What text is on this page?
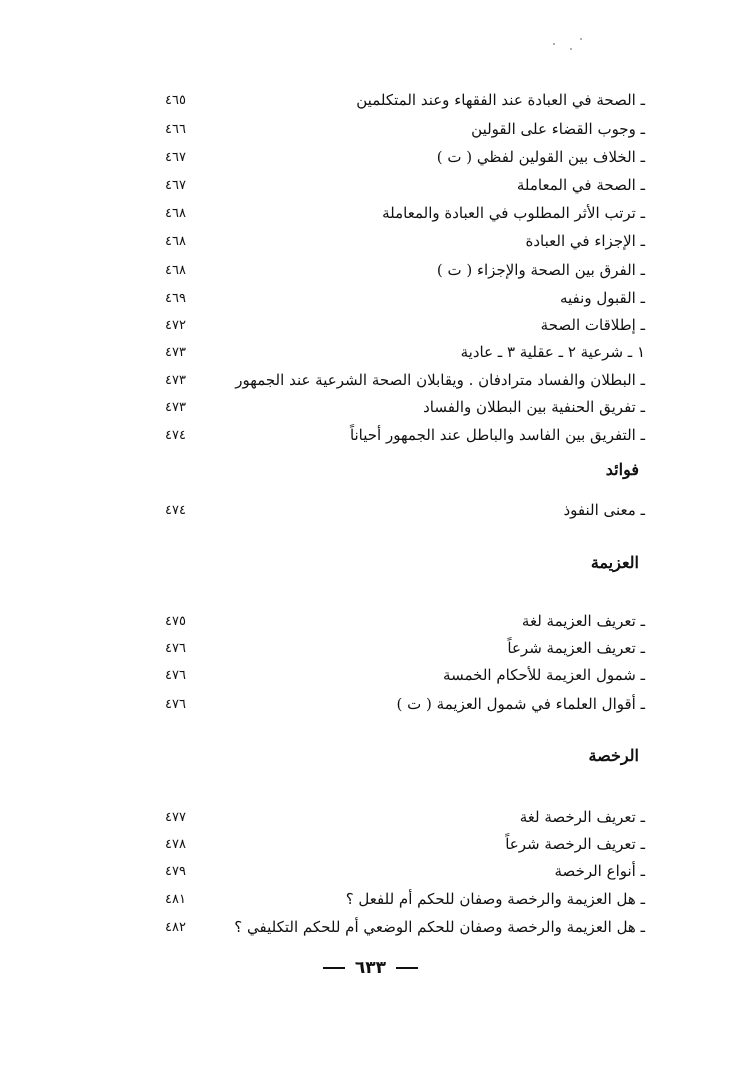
٤٦٥	ـ الصحة في العبادة عند الفقهاء وعند المتكلمين
٤٦٦	ـ وجوب القضاء على القولين
٤٦٧	ـ الخلاف بين القولين لفظي ( ت )
٤٦٧	ـ الصحة في المعاملة
٤٦٨	ـ ترتب الأثر المطلوب في العبادة والمعاملة
٤٦٨	ـ الإجزاء في العبادة
٤٦٨	ـ الفرق بين الصحة والإجزاء ( ت )
٤٦٩	ـ القبول ونفيه
٤٧٢	ـ إطلاقات الصحة
٤٧٣	١ ـ شرعية ٢ ـ عقلية ٣ ـ عادية
٤٧٣	ـ البطلان والفساد مترادفان . ويقابلان الصحة الشرعية عند الجمهور
٤٧٣	ـ تفريق الحنفية بين البطلان والفساد
٤٧٤	ـ التفريق بين الفاسد والباطل عند الجمهور أحياناً
فوائد
٤٧٤	ـ معنى النفوذ
العزيمة
٤٧٥	ـ تعريف العزيمة لغة
٤٧٦	ـ تعريف العزيمة شرعاً
٤٧٦	ـ شمول العزيمة للأحكام الخمسة
٤٧٦	ـ أقوال العلماء في شمول العزيمة ( ت )
الرخصة
٤٧٧	ـ تعريف الرخصة لغة
٤٧٨	ـ تعريف الرخصة شرعاً
٤٧٩	ـ أنواع الرخصة
٤٨١	ـ هل العزيمة والرخصة وصفان للحكم أم للفعل ؟
٤٨٢	ـ هل العزيمة والرخصة وصفان للحكم الوضعي أم للحكم التكليفي ؟
٦٣٣
